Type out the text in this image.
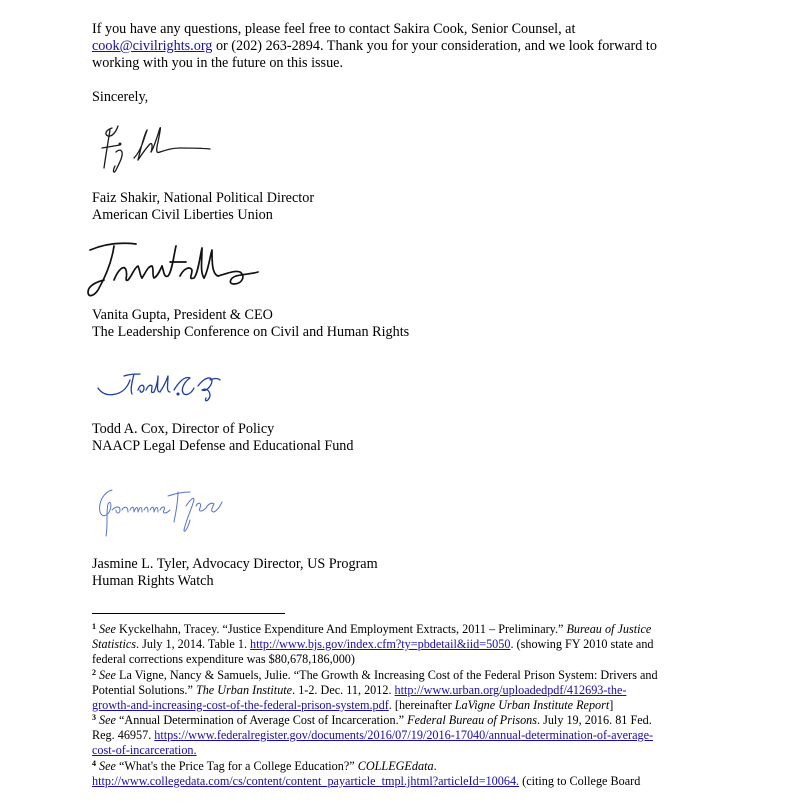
If you have any questions, please feel free to contact Sakira Cook, Senior Counsel, at
cook@civilrights.org or (202) 263-2894. Thank you for your consideration, and we look forward to
working with you in the future on this issue.
Sincerely,
Faiz Shakir, National Political Director
American Civil Liberties Union
Vanita Gupta, President & CEO
The Leadership Conference on Civil and Human Rights
Todd A. Cox, Director of Policy
NAACP Legal Defense and Educational Fund
Jasmine L. Tyler, Advocacy Director, US Program
Human Rights Watch
$^1$ See Kyckelhahn, Tracey. “Justice Expenditure And Employment Extracts, 2011 – Preliminary.” Bureau of Justice
Statistics. July 1, 2014. Table 1. http://www.bjs.gov/index.cfm?ty=pbdetail&iid=5050. (showing FY 2010 state and
federal corrections expenditure was $80,678,186,000)
$^2$ See La Vigne, Nancy & Samuels, Julie. “The Growth & Increasing Cost of the Federal Prison System: Drivers and
Potential Solutions.” The Urban Institute. 1-2. Dec. 11, 2012. http://www.urban.org/uploadedpdf/412693-the-
growth-and-increasing-cost-of-the-federal-prison-system.pdf. [hereinafter LaVigne Urban Institute Report]
$^3$ See “Annual Determination of Average Cost of Incarceration.” Federal Bureau of Prisons. July 19, 2016. 81 Fed.
Reg. 46957. https://www.federalregister.gov/documents/2016/07/19/2016-17040/annual-determination-of-average-
cost-of-incarceration.
$^4$ See “What's the Price Tag for a College Education?” COLLEGEdata.
http://www.collegedata.com/cs/content/content_payarticle_tmpl.jhtml?articleId=10064. (citing to College Board
